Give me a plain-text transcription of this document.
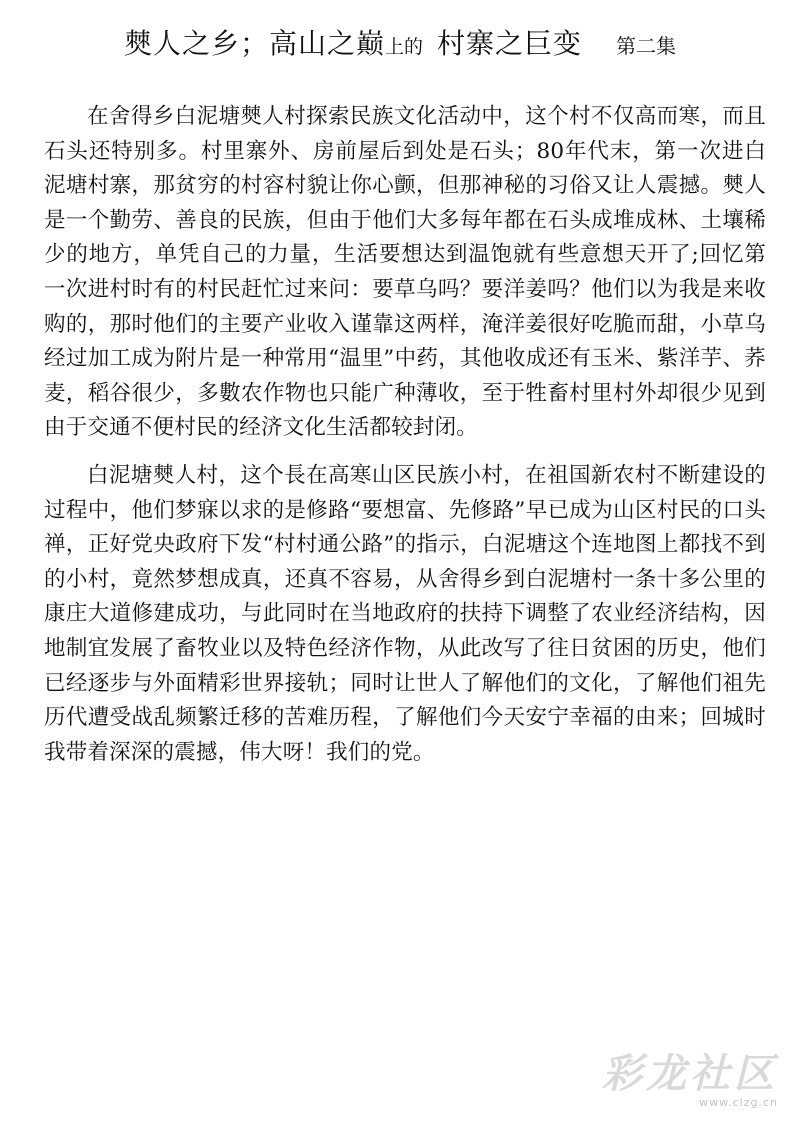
僰人之乡；高山之巅上的 村寨之巨变 第二集

在舍得乡白泥塘僰人村探索民族文化活动中，这个村不仅高而寒，而且石头还特别多。村里寨外、房前屋后到处是石头；80年代末，第一次进白泥塘村寨，那贫穷的村容村貌让你心颤，但那神秘的习俗又让人震撼。僰人是一个勤劳、善良的民族，但由于他们大多每年都在石头成堆成林、土壤稀少的地方，单凭自己的力量，生活要想达到温饱就有些意想天开了;回忆第一次进村时有的村民赶忙过来问：要草乌吗？要洋姜吗？他们以为我是来收购的，那时他们的主要产业收入谨靠这两样，淹洋姜很好吃脆而甜，小草乌经过加工成为附片是一种常用“温里”中药，其他收成还有玉米、紫洋芋、荞麦，稻谷很少，多數农作物也只能广种薄收，至于牲畜村里村外却很少见到由于交通不便村民的经济文化生活都较封闭。

白泥塘僰人村，这个長在高寒山区民族小村，在祖国新农村不断建设的过程中，他们梦寐以求的是修路“要想富、先修路”早已成为山区村民的口头禅，正好党央政府下发“村村通公路”的指示，白泥塘这个连地图上都找不到的小村，竟然梦想成真，还真不容易，从舍得乡到白泥塘村一条十多公里的康庄大道修建成功，与此同时在当地政府的扶持下调整了农业经济结构，因地制宜发展了畜牧业以及特色经济作物，从此改写了往日贫困的历史，他们已经逐步与外面精彩世界接轨；同时让世人了解他们的文化，了解他们祖先历代遭受战乱频繁迁移的苦难历程，了解他们今天安宁幸福的由来；回城时我带着深深的震撼，伟大呀！我们的党。

彩龙社区
www.clzg.cn
